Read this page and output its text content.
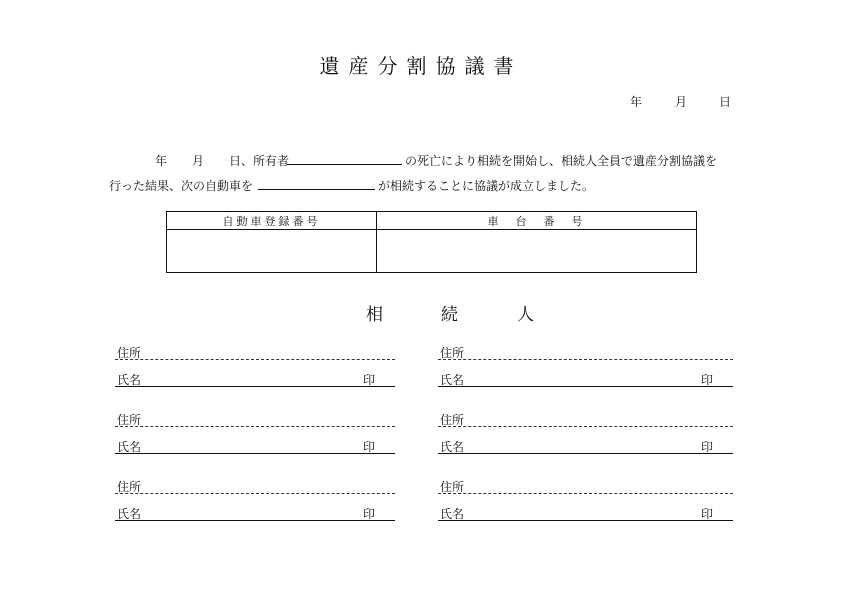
遺産分割協議書
年	月	日
年 月 日 、所有者	の死亡により相続を開始し、相続人全員で遺産分割協議を
行った結果、次の自動車を	が相続することに協議が成立しました。
自動車登録番号	車　台　番　号

相	続	人
住所
氏名	印
住所
氏名	印
住所
氏名	印
住所
氏名	印
住所
氏名	印
住所
氏名	印
